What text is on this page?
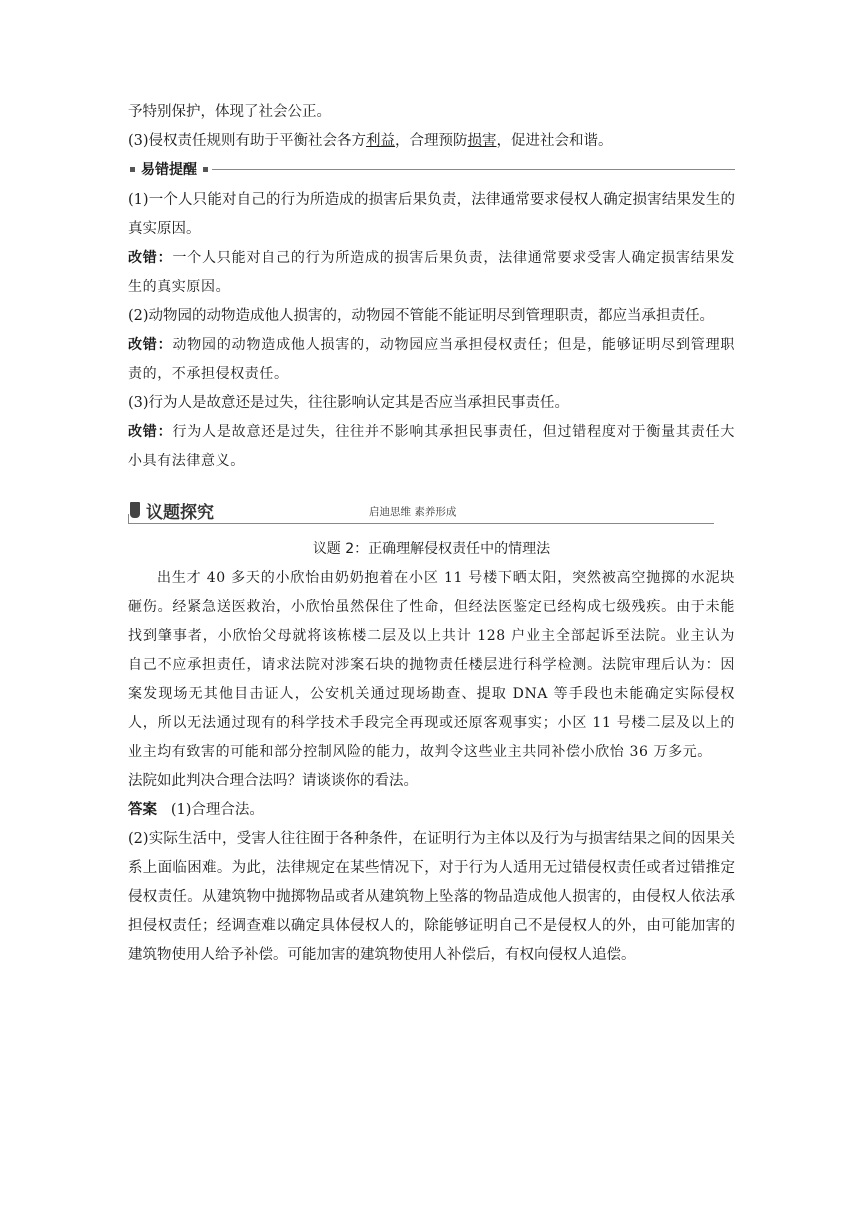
予特别保护，体现了社会公正。

(3)侵权责任规则有助于平衡社会各方利益，合理预防损害，促进社会和谐。

易错提醒

(1)一个人只能对自己的行为所造成的损害后果负责，法律通常要求侵权人确定损害结果发生的真实原因。

改错：一个人只能对自己的行为所造成的损害后果负责，法律通常要求受害人确定损害结果发生的真实原因。

(2)动物园的动物造成他人损害的，动物园不管能不能证明尽到管理职责，都应当承担责任。

改错：动物园的动物造成他人损害的，动物园应当承担侵权责任；但是，能够证明尽到管理职责的，不承担侵权责任。

(3)行为人是故意还是过失，往往影响认定其是否应当承担民事责任。

改错：行为人是故意还是过失，往往并不影响其承担民事责任，但过错程度对于衡量其责任大小具有法律意义。

议题探究	启迪思维 素养形成

议题 2：正确理解侵权责任中的情理法

出生才 40 多天的小欣怡由奶奶抱着在小区 11 号楼下晒太阳，突然被高空抛掷的水泥块砸伤。经紧急送医救治，小欣怡虽然保住了性命，但经法医鉴定已经构成七级残疾。由于未能找到肇事者，小欣怡父母就将该栋楼二层及以上共计 128 户业主全部起诉至法院。业主认为自己不应承担责任，请求法院对涉案石块的抛物责任楼层进行科学检测。法院审理后认为：因案发现场无其他目击证人，公安机关通过现场勘查、提取 DNA 等手段也未能确定实际侵权人，所以无法通过现有的科学技术手段完全再现或还原客观事实；小区 11 号楼二层及以上的业主均有致害的可能和部分控制风险的能力，故判令这些业主共同补偿小欣怡 36 万多元。

法院如此判决合理合法吗？请谈谈你的看法。

答案 (1)合理合法。

(2)实际生活中，受害人往往囿于各种条件，在证明行为主体以及行为与损害结果之间的因果关系上面临困难。为此，法律规定在某些情况下，对于行为人适用无过错侵权责任或者过错推定侵权责任。从建筑物中抛掷物品或者从建筑物上坠落的物品造成他人损害的，由侵权人依法承担侵权责任；经调查难以确定具体侵权人的，除能够证明自己不是侵权人的外，由可能加害的建筑物使用人给予补偿。可能加害的建筑物使用人补偿后，有权向侵权人追偿。
